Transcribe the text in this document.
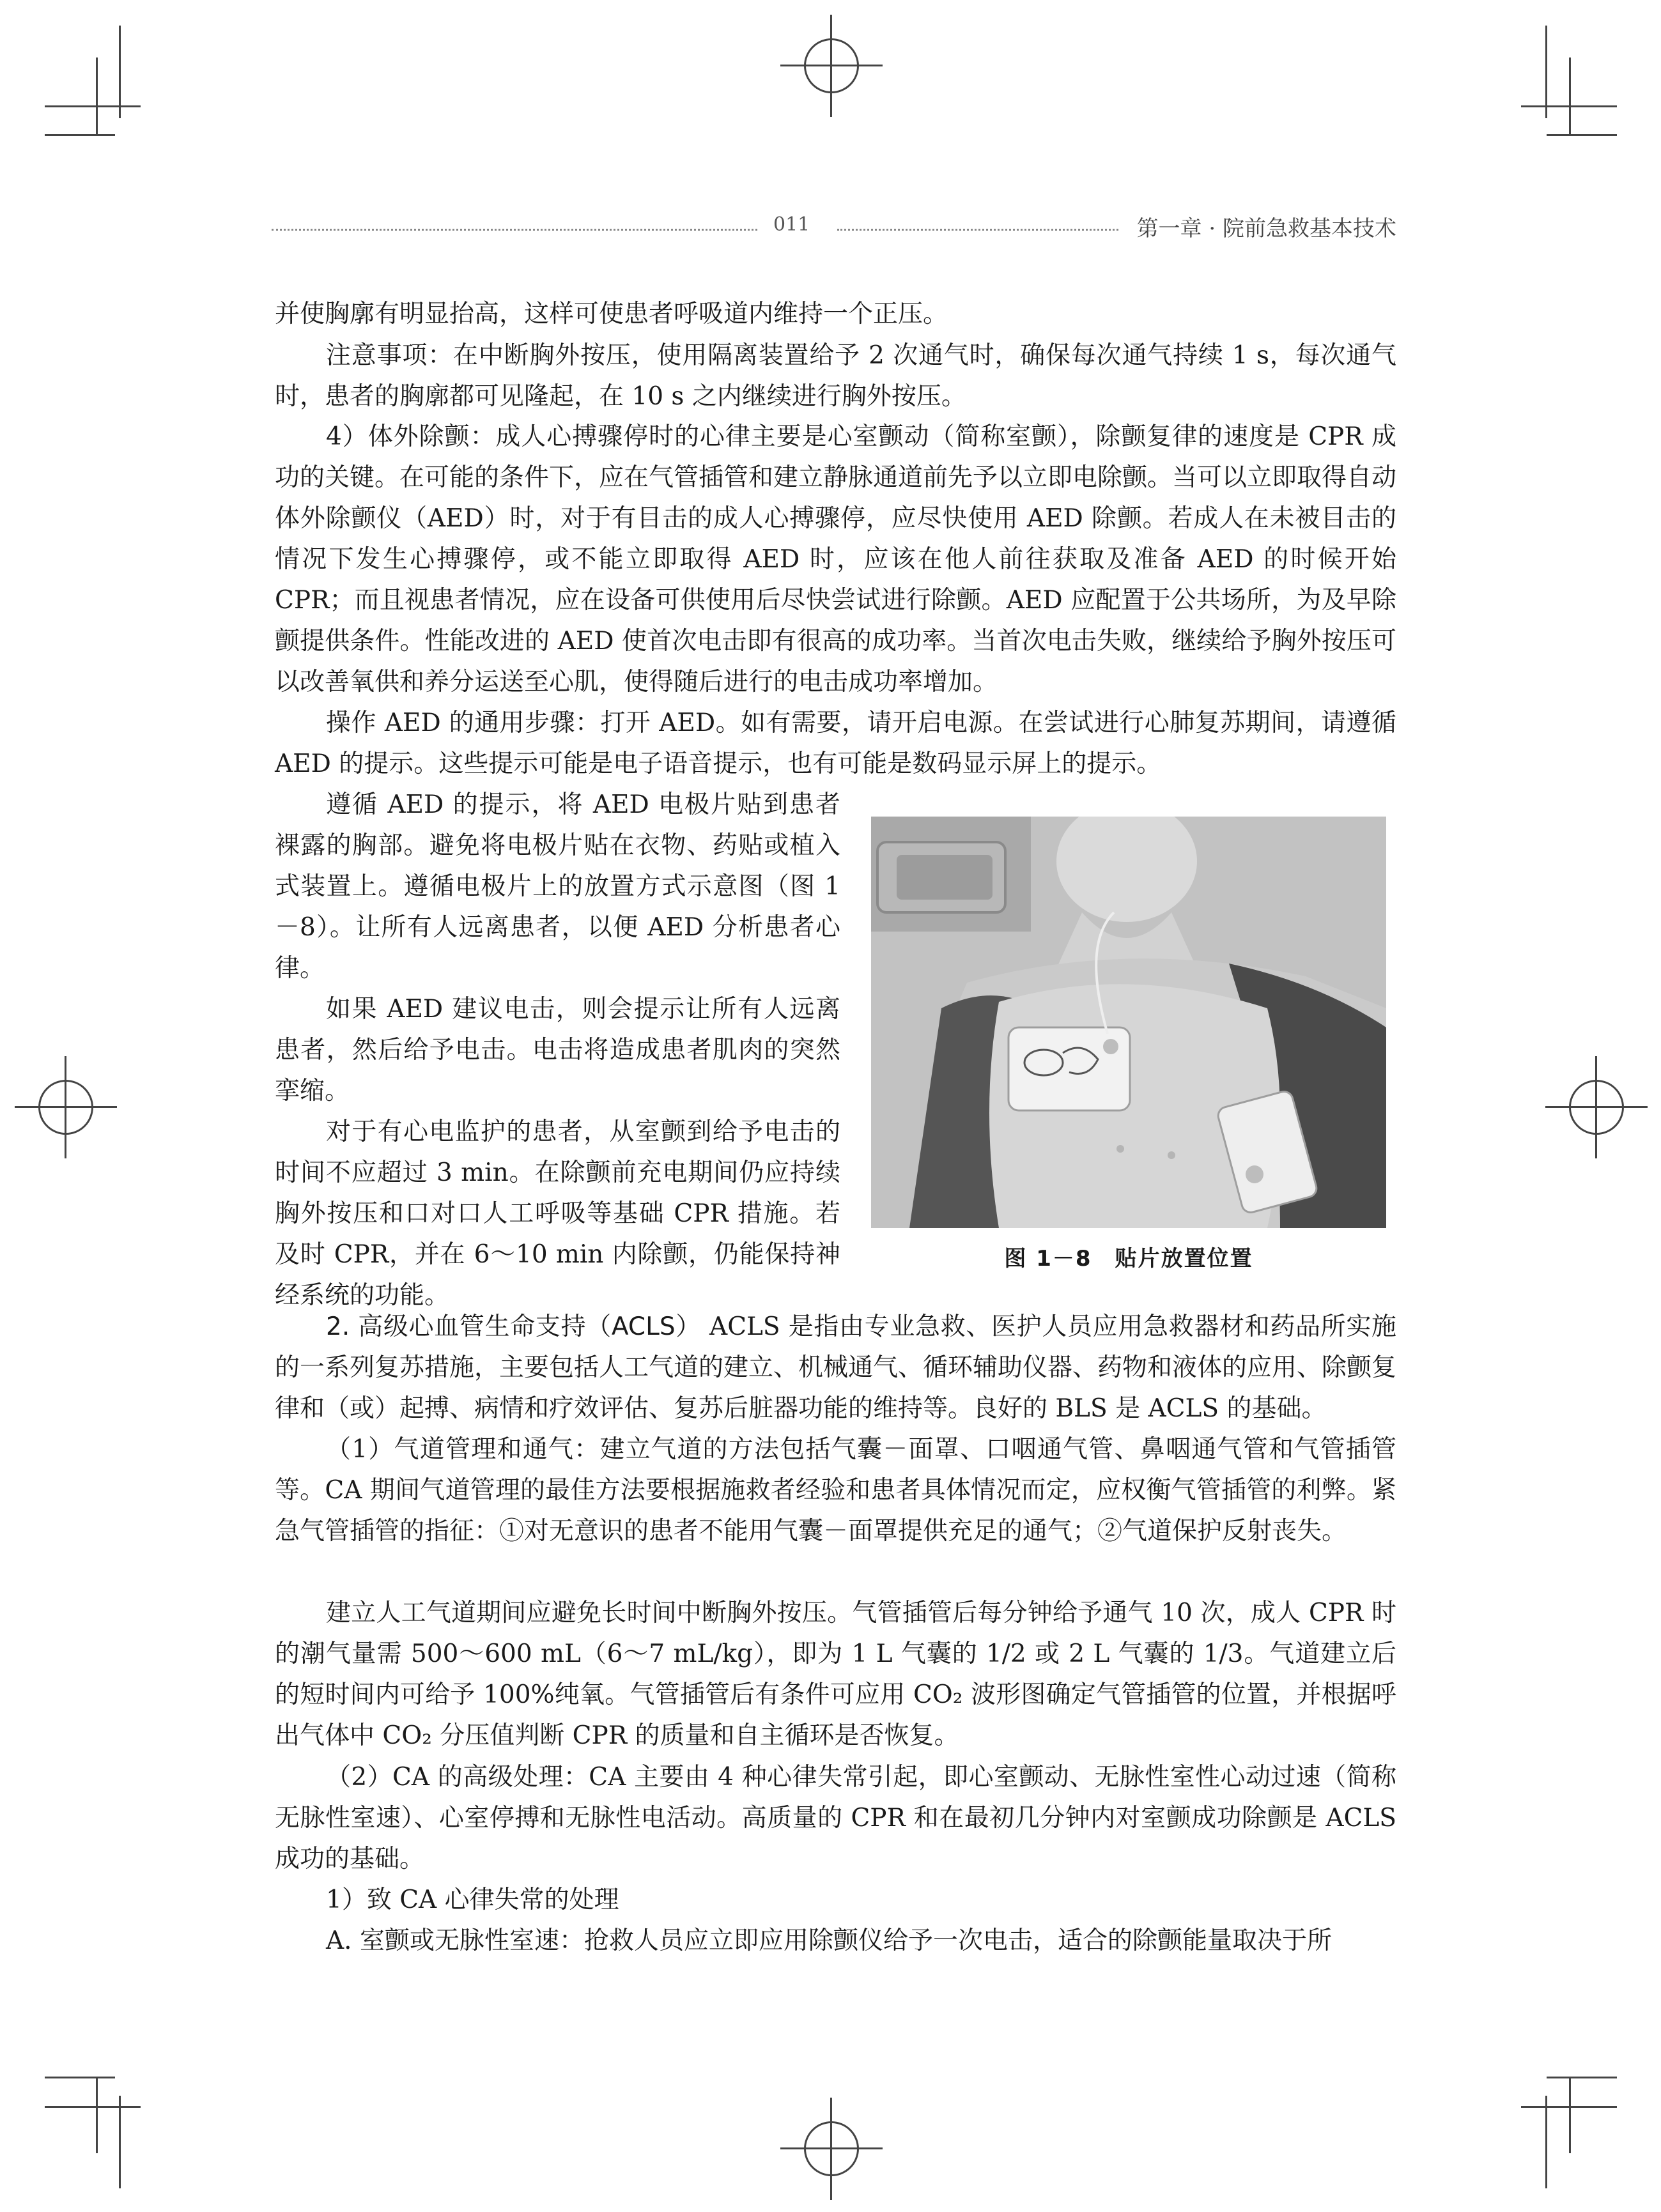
011	第一章 · 院前急救基本技术

并使胸廓有明显抬高，这样可使患者呼吸道内维持一个正压。

注意事项：在中断胸外按压，使用隔离装置给予 2 次通气时，确保每次通气持续 1 s，每次通气时，患者的胸廓都可见隆起，在 10 s 之内继续进行胸外按压。

4）体外除颤：成人心搏骤停时的心律主要是心室颤动（简称室颤），除颤复律的速度是 CPR 成功的关键。在可能的条件下，应在气管插管和建立静脉通道前先予以立即电除颤。当可以立即取得自动体外除颤仪（AED）时，对于有目击的成人心搏骤停，应尽快使用 AED 除颤。若成人在未被目击的情况下发生心搏骤停，或不能立即取得 AED 时，应该在他人前往获取及准备 AED 的时候开始 CPR；而且视患者情况，应在设备可供使用后尽快尝试进行除颤。AED 应配置于公共场所，为及早除颤提供条件。性能改进的 AED 使首次电击即有很高的成功率。当首次电击失败，继续给予胸外按压可以改善氧供和养分运送至心肌，使得随后进行的电击成功率增加。

操作 AED 的通用步骤：打开 AED。如有需要，请开启电源。在尝试进行心肺复苏期间，请遵循 AED 的提示。这些提示可能是电子语音提示，也有可能是数码显示屏上的提示。

遵循 AED 的提示，将 AED 电极片贴到患者裸露的胸部。避免将电极片贴在衣物、药贴或植入式装置上。遵循电极片上的放置方式示意图（图 1－8）。让所有人远离患者，以便 AED 分析患者心律。

如果 AED 建议电击，则会提示让所有人远离患者，然后给予电击。电击将造成患者肌肉的突然挛缩。

对于有心电监护的患者，从室颤到给予电击的时间不应超过 3 min。在除颤前充电期间仍应持续胸外按压和口对口人工呼吸等基础 CPR 措施。若及时 CPR，并在 6～10 min 内除颤，仍能保持神经系统的功能。

图 1－8　贴片放置位置

2. 高级心血管生命支持（ACLS） ACLS 是指由专业急救、医护人员应用急救器材和药品所实施的一系列复苏措施，主要包括人工气道的建立、机械通气、循环辅助仪器、药物和液体的应用、除颤复律和（或）起搏、病情和疗效评估、复苏后脏器功能的维持等。良好的 BLS 是 ACLS 的基础。

（1）气道管理和通气：建立气道的方法包括气囊－面罩、口咽通气管、鼻咽通气管和气管插管等。CA 期间气道管理的最佳方法要根据施救者经验和患者具体情况而定，应权衡气管插管的利弊。紧急气管插管的指征：①对无意识的患者不能用气囊－面罩提供充足的通气；②气道保护反射丧失。

建立人工气道期间应避免长时间中断胸外按压。气管插管后每分钟给予通气 10 次，成人 CPR 时的潮气量需 500～600 mL（6～7 mL/kg），即为 1 L 气囊的 1/2 或 2 L 气囊的 1/3。气道建立后的短时间内可给予 100%纯氧。气管插管后有条件可应用 CO₂ 波形图确定气管插管的位置，并根据呼出气体中 CO₂ 分压值判断 CPR 的质量和自主循环是否恢复。

（2）CA 的高级处理：CA 主要由 4 种心律失常引起，即心室颤动、无脉性室性心动过速（简称无脉性室速）、心室停搏和无脉性电活动。高质量的 CPR 和在最初几分钟内对室颤成功除颤是 ACLS 成功的基础。

1）致 CA 心律失常的处理

A. 室颤或无脉性室速：抢救人员应立即应用除颤仪给予一次电击，适合的除颤能量取决于所
